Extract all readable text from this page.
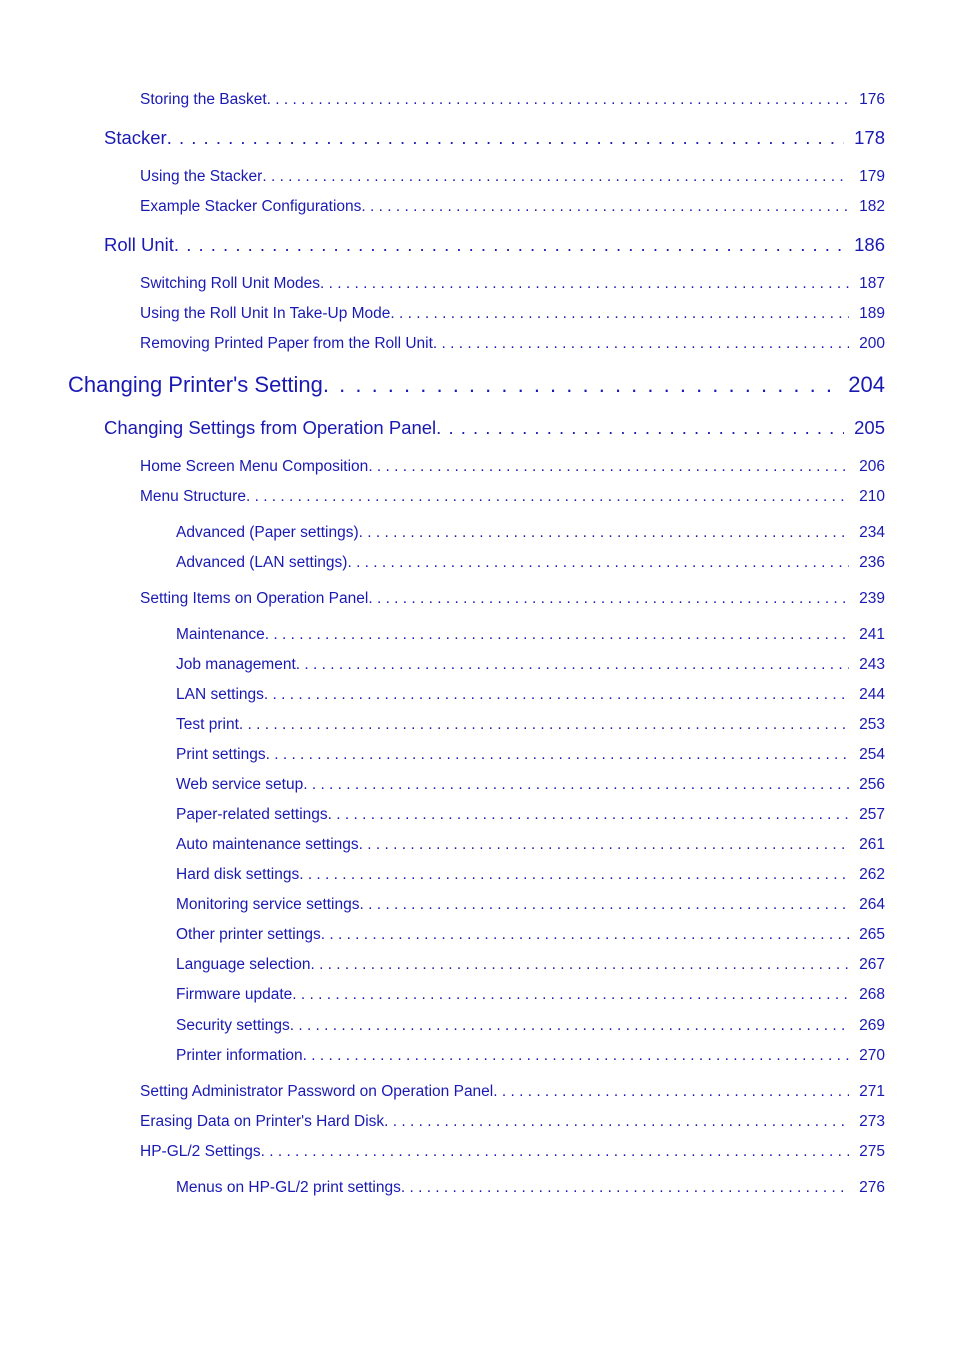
Storing the Basket . . .	176
Stacker . . .	178
Using the Stacker . . .	179
Example Stacker Configurations . . .	182
Roll Unit . . .	186
Switching Roll Unit Modes . . .	187
Using the Roll Unit In Take-Up Mode . . .	189
Removing Printed Paper from the Roll Unit . . .	200
Changing Printer's Setting . . .	204
Changing Settings from Operation Panel . . .	205
Home Screen Menu Composition . . .	206
Menu Structure . . .	210
Advanced (Paper settings) . . .	234
Advanced (LAN settings) . . .	236
Setting Items on Operation Panel . . .	239
Maintenance . . .	241
Job management . . .	243
LAN settings . . .	244
Test print . . .	253
Print settings . . .	254
Web service setup . . .	256
Paper-related settings . . .	257
Auto maintenance settings . . .	261
Hard disk settings . . .	262
Monitoring service settings . . .	264
Other printer settings . . .	265
Language selection . . .	267
Firmware update . . .	268
Security settings . . .	269
Printer information . . .	270
Setting Administrator Password on Operation Panel . . .	271
Erasing Data on Printer's Hard Disk . . .	273
HP-GL/2 Settings . . .	275
Menus on HP-GL/2 print settings . . .	276
